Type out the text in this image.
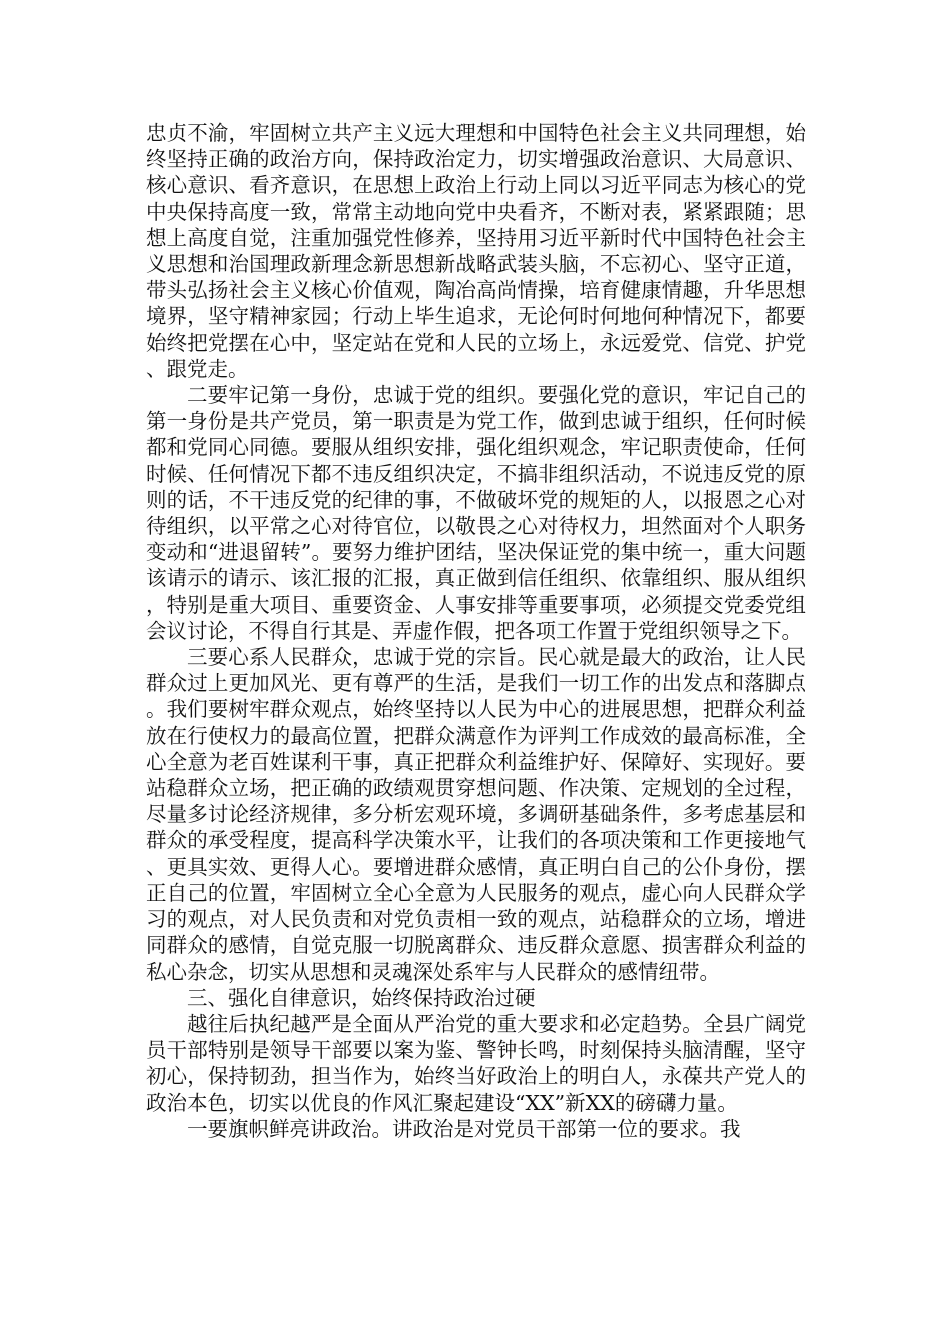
忠贞不渝，牢固树立共产主义远大理想和中国特色社会主义共同理想，始终坚持正确的政治方向，保持政治定力，切实增强政治意识、大局意识、核心意识、看齐意识，在思想上政治上行动上同以习近平同志为核心的党中央保持高度一致，常常主动地向党中央看齐，不断对表，紧紧跟随；思想上高度自觉，注重加强党性修养，坚持用习近平新时代中国特色社会主义思想和治国理政新理念新思想新战略武装头脑，不忘初心、坚守正道，带头弘扬社会主义核心价值观，陶冶高尚情操，培育健康情趣，升华思想境界，坚守精神家园；行动上毕生追求，无论何时何地何种情况下，都要始终把党摆在心中，坚定站在党和人民的立场上，永远爱党、信党、护党、跟党走。

二要牢记第一身份，忠诚于党的组织。要强化党的意识，牢记自己的第一身份是共产党员，第一职责是为党工作，做到忠诚于组织，任何时候都和党同心同德。要服从组织安排，强化组织观念，牢记职责使命，任何时候、任何情况下都不违反组织决定，不搞非组织活动，不说违反党的原则的话，不干违反党的纪律的事，不做破坏党的规矩的人，以报恩之心对待组织，以平常之心对待官位，以敬畏之心对待权力，坦然面对个人职务变动和“进退留转”。要努力维护团结，坚决保证党的集中统一，重大问题该请示的请示、该汇报的汇报，真正做到信任组织、依靠组织、服从组织，特别是重大项目、重要资金、人事安排等重要事项，必须提交党委党组会议讨论，不得自行其是、弄虚作假，把各项工作置于党组织领导之下。

三要心系人民群众，忠诚于党的宗旨。民心就是最大的政治，让人民群众过上更加风光、更有尊严的生活，是我们一切工作的出发点和落脚点。我们要树牢群众观点，始终坚持以人民为中心的进展思想，把群众利益放在行使权力的最高位置，把群众满意作为评判工作成效的最高标准，全心全意为老百姓谋利干事，真正把群众利益维护好、保障好、实现好。要站稳群众立场，把正确的政绩观贯穿想问题、作决策、定规划的全过程，尽量多讨论经济规律，多分析宏观环境，多调研基础条件，多考虑基层和群众的承受程度，提高科学决策水平，让我们的各项决策和工作更接地气、更具实效、更得人心。要增进群众感情，真正明白自己的公仆身份，摆正自己的位置，牢固树立全心全意为人民服务的观点，虚心向人民群众学习的观点，对人民负责和对党负责相一致的观点，站稳群众的立场，增进同群众的感情，自觉克服一切脱离群众、违反群众意愿、损害群众利益的私心杂念，切实从思想和灵魂深处系牢与人民群众的感情纽带。

三、强化自律意识，始终保持政治过硬

越往后执纪越严是全面从严治党的重大要求和必定趋势。全县广阔党员干部特别是领导干部要以案为鉴、警钟长鸣，时刻保持头脑清醒，坚守初心，保持韧劲，担当作为，始终当好政治上的明白人，永葆共产党人的政治本色，切实以优良的作风汇聚起建设“XX”新XX的磅礴力量。

一要旗帜鲜亮讲政治。讲政治是对党员干部第一位的要求。我
